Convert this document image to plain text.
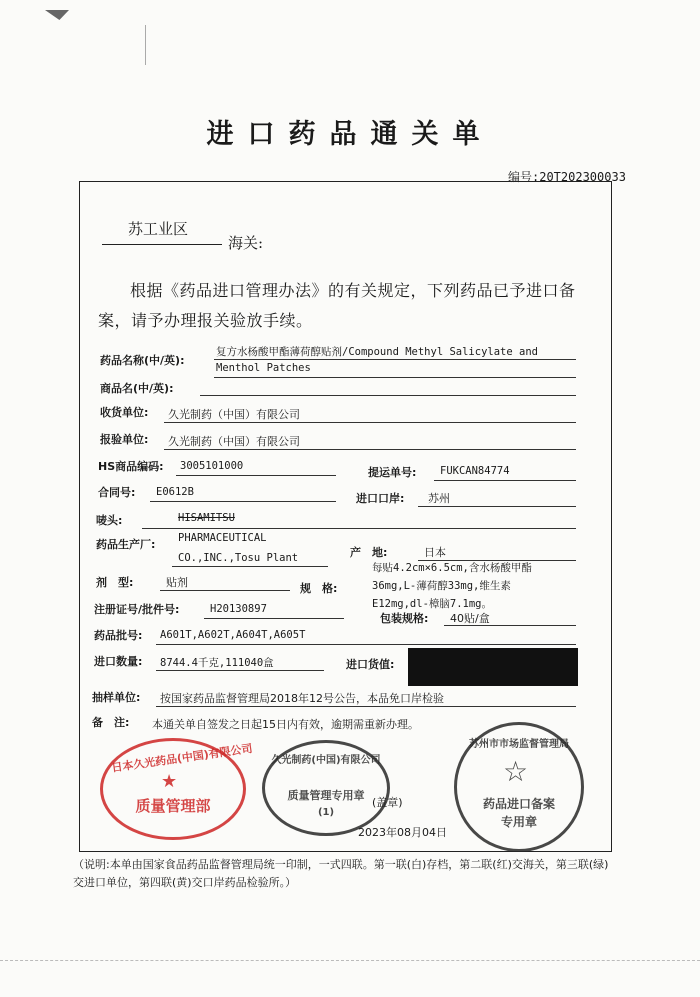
进口药品通关单
编号:20T202300033
苏工业区
海关:
根据《药品进口管理办法》的有关规定，下列药品已予进口备案，请予办理报关验放手续。
药品名称(中/英):
复方水杨酸甲酯薄荷醇贴剂/Compound Methyl Salicylate and
Menthol Patches
商品名(中/英):
收货单位: 久光制药（中国）有限公司
报验单位: 久光制药（中国）有限公司
HS商品编码: 3005101000	提运单号: FUKCAN84774
合同号: E0612B	进口口岸: 苏州
唛头:	HISAMITSU
药品生产厂: PHARMACEUTICAL
CO.,INC.,Tosu Plant	产　地:	日本
剂　型:	贴剂	规　格:
每贴4.2cm×6.5cm,含水杨酸甲酯
36mg,L-薄荷醇33mg,维生素
E12mg,dl-樟脑7.1mg。
注册证号/批件号:	H20130897
包装规格: 40贴/盒
药品批号: A601T,A602T,A604T,A605T
进口数量: 8744.4千克,111040盒	进口货值:
抽样单位: 按国家药品监督管理局2018年12号公告，本品免口岸检验
备　注: 本通关单自签发之日起15日内有效，逾期需重新办理。
日本久光药品(中国)有限公司
质量管理部
★
久光制药(中国)有限公司
质量管理专用章
(1)
(盖章)
2023年08月04日
苏州市市场监督管理局
☆
药品进口备案
专用章
（说明:本单由国家食品药品监督管理局统一印制，一式四联。第一联(白)存档，第二联(红)交海关，第三联(绿)交进口单位，第四联(黄)交口岸药品检验所。）
